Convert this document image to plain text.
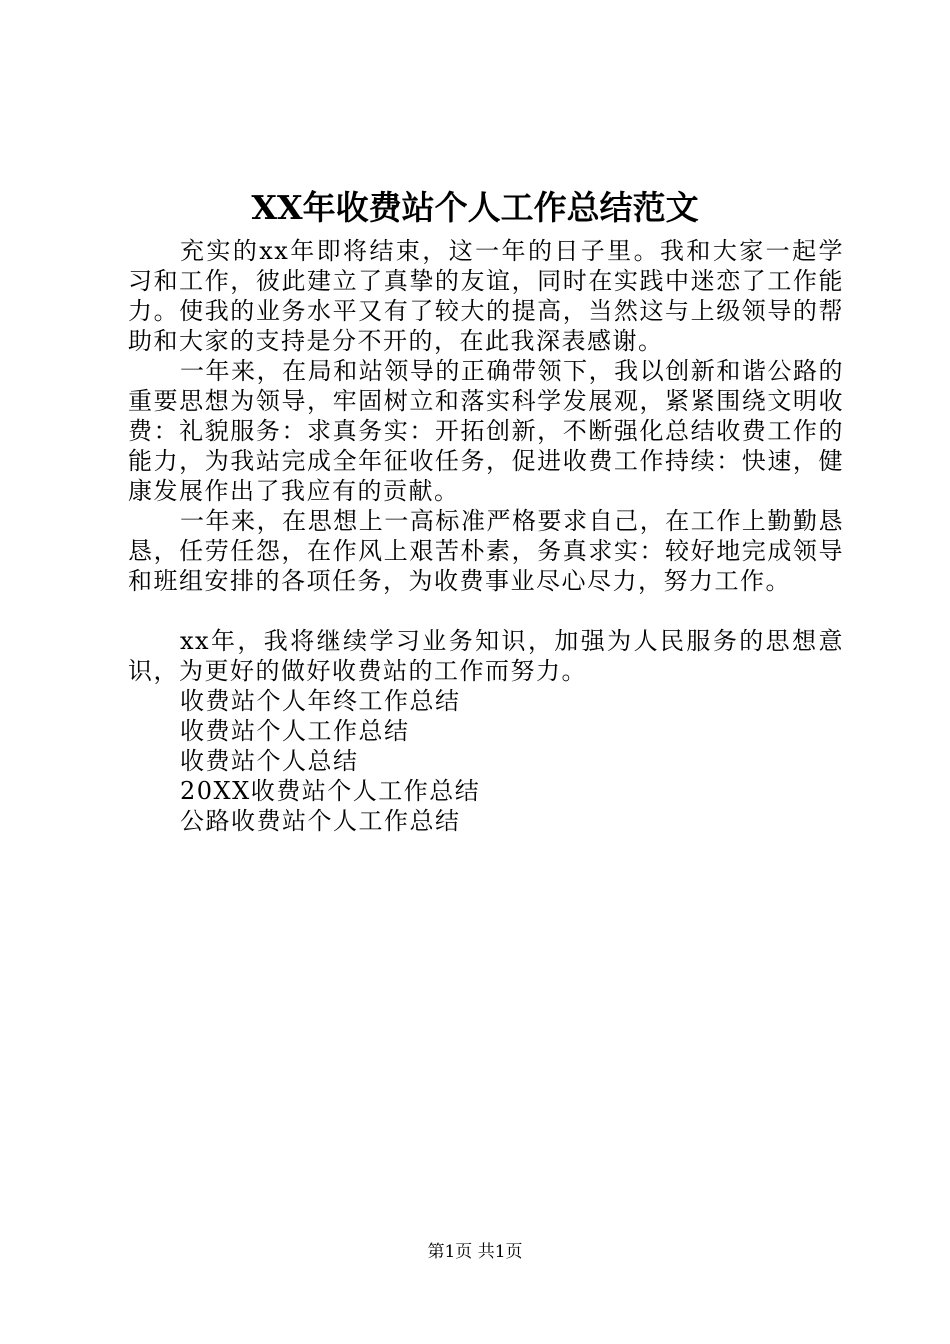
XX年收费站个人工作总结范文

充实的xx年即将结束，这一年的日子里。我和大家一起学习和工作，彼此建立了真挚的友谊，同时在实践中迷恋了工作能力。使我的业务水平又有了较大的提高，当然这与上级领导的帮助和大家的支持是分不开的，在此我深表感谢。

一年来，在局和站领导的正确带领下，我以创新和谐公路的重要思想为领导，牢固树立和落实科学发展观，紧紧围绕文明收费：礼貌服务：求真务实：开拓创新，不断强化总结收费工作的能力，为我站完成全年征收任务，促进收费工作持续：快速，健康发展作出了我应有的贡献。

一年来，在思想上一高标准严格要求自己，在工作上勤勤恳恳，任劳任怨，在作风上艰苦朴素，务真求实：较好地完成领导和班组安排的各项任务，为收费事业尽心尽力，努力工作。

xx年，我将继续学习业务知识，加强为人民服务的思想意识，为更好的做好收费站的工作而努力。

收费站个人年终工作总结
收费站个人工作总结
收费站个人总结
20XX收费站个人工作总结
公路收费站个人工作总结
第1页 共1页
